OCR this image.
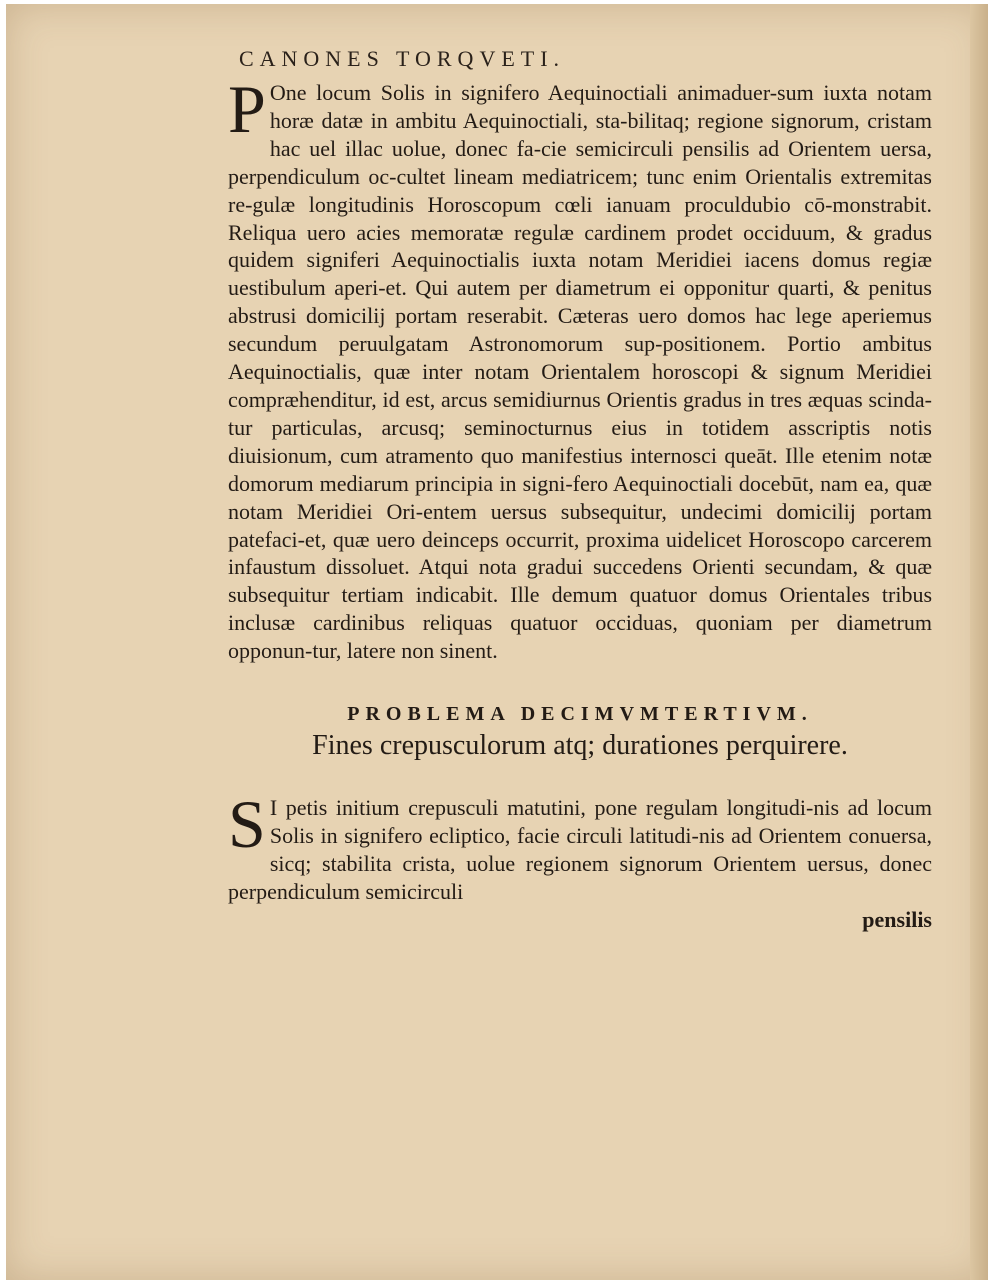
CANONES TORQVETI.

P One locum Solis in signifero Aequinoctiali animaduer-sum iuxta notam horæ datæ in ambitu Aequinoctiali, sta-bilitaq; regione signorum, cristam hac uel illac uolue, donec fa-cie semicirculi pensilis ad Orientem uersa, perpendiculum oc-cultet lineam mediatricem; tunc enim Orientalis extremitas re-gulæ longitudinis Horoscopum cœli ianuam proculdubio cō-monstrabit. Reliqua uero acies memoratæ regulæ cardinem prodet occiduum, & gradus quidem signiferi Aequinoctialis iuxta notam Meridiei iacens domus regiæ uestibulum aperi-et. Qui autem per diametrum ei opponitur quarti, & penitus abstrusi domicilij portam reserabit. Cæteras uero domos hac lege aperiemus secundum peruulgatam Astronomorum sup-positionem. Portio ambitus Aequinoctialis, quæ inter notam Orientalem horoscopi & signum Meridiei compræhenditur, id est, arcus semidiurnus Orientis gradus in tres æquas scinda-tur particulas, arcusq; seminocturnus eius in totidem asscriptis notis diuisionum, cum atramento quo manifestius internosci queāt. Ille etenim notæ domorum mediarum principia in signi-fero Aequinoctiali docebūt, nam ea, quæ notam Meridiei Ori-entem uersus subsequitur, undecimi domicilij portam patefaci-et, quæ uero deinceps occurrit, proxima uidelicet Horoscopo carcerem infaustum dissoluet. Atqui nota gradui succedens Orienti secundam, & quæ subsequitur tertiam indicabit. Ille demum quatuor domus Orientales tribus inclusæ cardinibus reliquas quatuor occiduas, quoniam per diametrum opponun-tur, latere non sinent.

PROBLEMA DECIMVMTERTIVM.
Fines crepusculorum atq; durationes perquirere.

S I petis initium crepusculi matutini, pone regulam longitudi-nis ad locum Solis in signifero ecliptico, facie circuli latitudi-nis ad Orientem conuersa, sicq; stabilita crista, uolue regionem signorum Orientem uersus, donec perpendiculum semicirculi

pensilis
